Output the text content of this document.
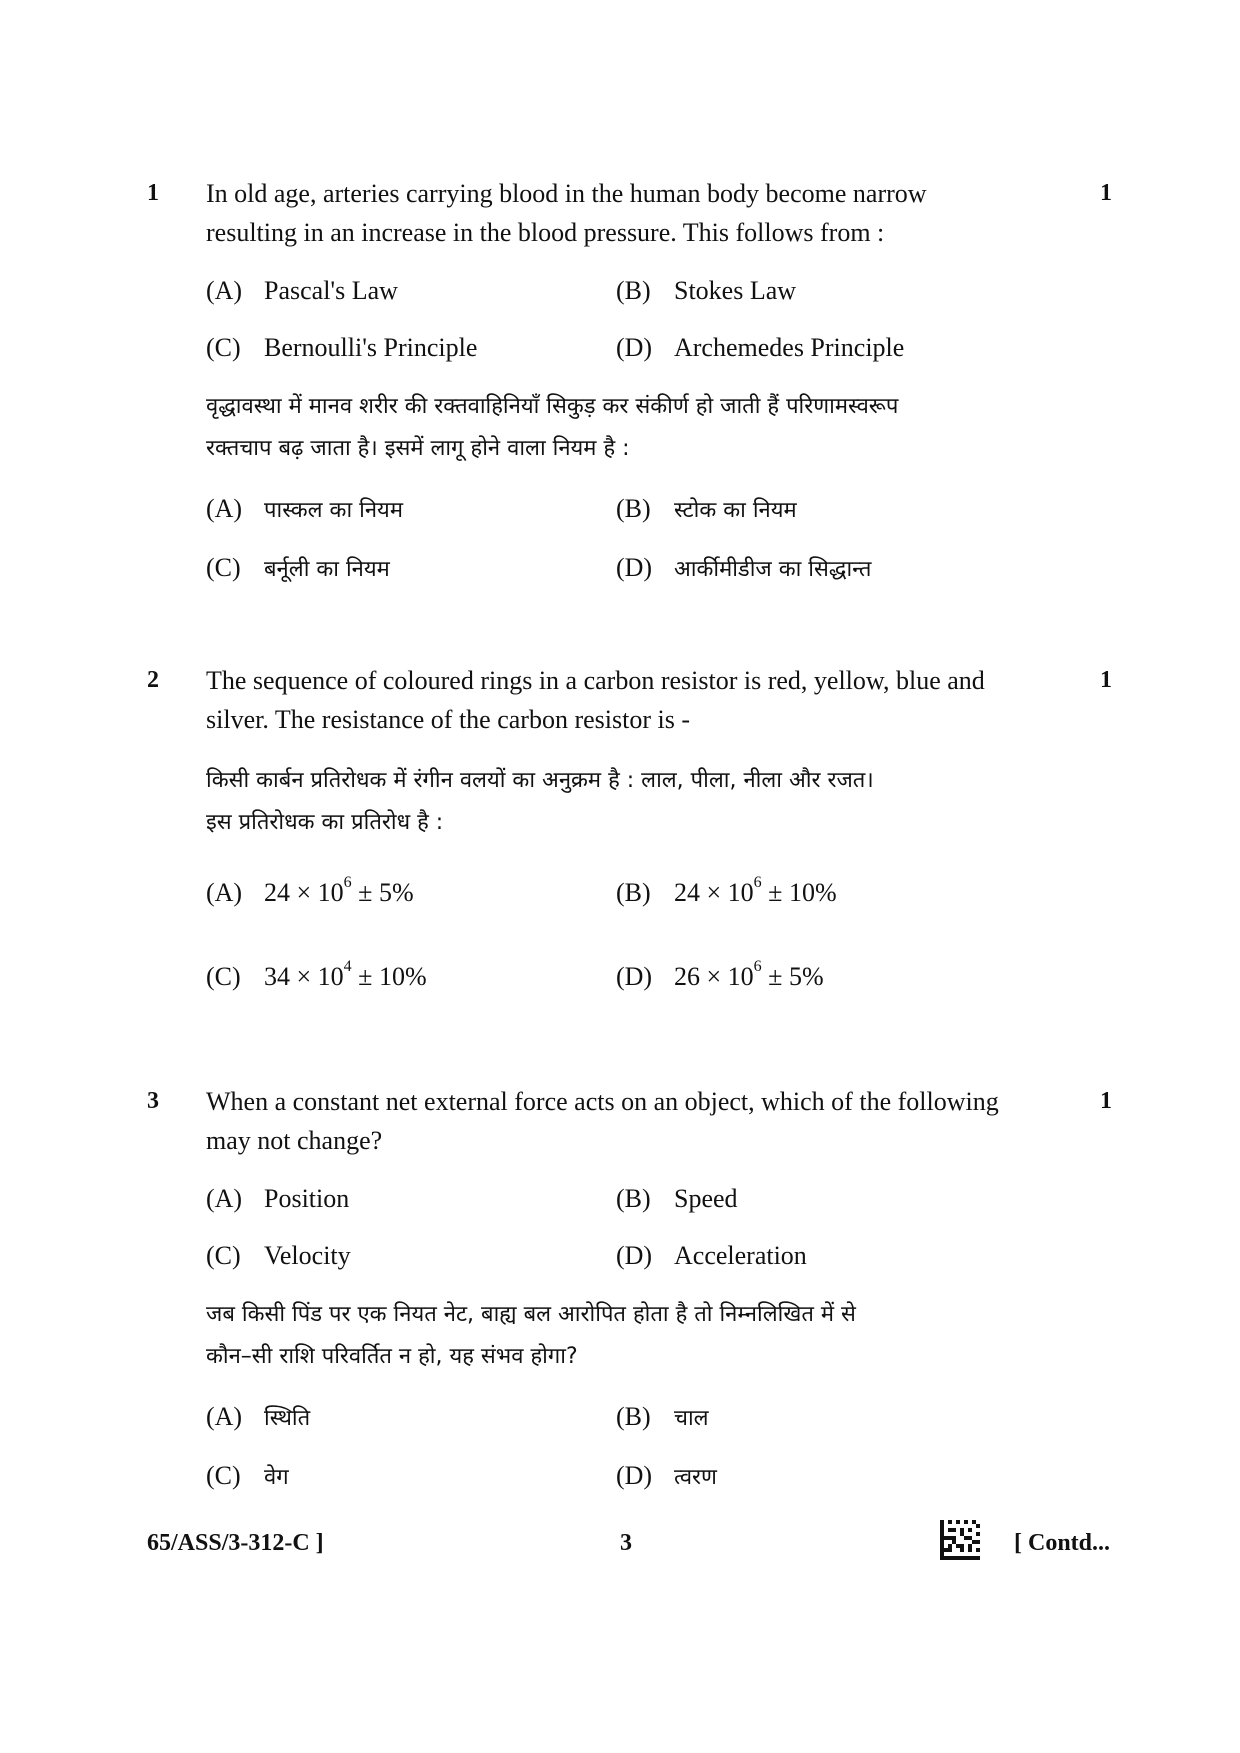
1	1
In old age, arteries carrying blood in the human body become narrow
resulting in an increase in the blood pressure. This follows from :
(A) Pascal's Law	(B) Stokes Law
(C) Bernoulli's Principle	(D) Archemedes Principle
वृद्धावस्था में मानव शरीर की रक्तवाहिनियाँ सिकुड़ कर संकीर्ण हो जाती हैं परिणामस्वरूप
रक्तचाप बढ़ जाता है। इसमें लागू होने वाला नियम है :
(A) पास्कल का नियम	(B) स्टोक का नियम
(C) बर्नूली का नियम	(D) आर्कीमीडीज का सिद्धान्त
2	1
The sequence of coloured rings in a carbon resistor is red, yellow, blue and
silver. The resistance of the carbon resistor is -
किसी कार्बन प्रतिरोधक में रंगीन वलयों का अनुक्रम है : लाल, पीला, नीला और रजत।
इस प्रतिरोधक का प्रतिरोध है :
(A) $24 \times 10^6 \pm 5\%$	(B) $24 \times 10^6 \pm 10\%$
(C) $34 \times 10^4 \pm 10\%$	(D) $26 \times 10^6 \pm 5\%$
3	1
When a constant net external force acts on an object, which of the following
may not change?
(A) Position	(B) Speed
(C) Velocity	(D) Acceleration
जब किसी पिंड पर एक नियत नेट, बाह्य बल आरोपित होता है तो निम्नलिखित में से
कौन–सी राशि परिवर्तित न हो, यह संभव होगा?
(A) स्थिति	(B) चाल
(C) वेग	(D) त्वरण
65/ASS/3-312-C ]	3	[ Contd...
